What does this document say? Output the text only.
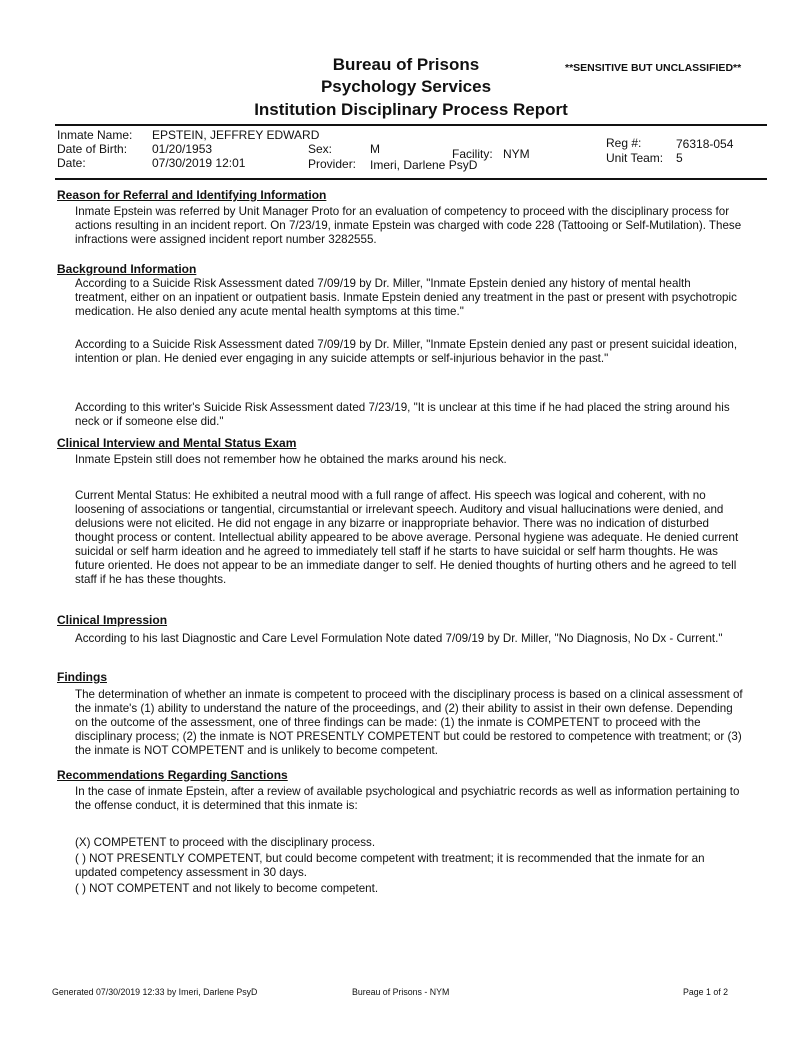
Bureau of Prisons
Psychology Services
Institution Disciplinary Process Report
**SENSITIVE BUT UNCLASSIFIED**
Inmate Name: EPSTEIN, JEFFREY EDWARD
Date of Birth: 01/20/1953
Date:	07/30/2019 12:01
Sex:	M	Facility: NYM
Provider: Imeri, Darlene PsyD
Reg #:	76318-054
Unit Team: 5
Reason for Referral and Identifying Information
Inmate Epstein was referred by Unit Manager Proto for an evaluation of competency to proceed with the disciplinary process for actions resulting in an incident report. On 7/23/19, inmate Epstein was charged with code 228 (Tattooing or Self-Mutilation). These infractions were assigned incident report number 3282555.
Background Information
According to a Suicide Risk Assessment dated 7/09/19 by Dr. Miller, "Inmate Epstein denied any history of mental health treatment, either on an inpatient or outpatient basis. Inmate Epstein denied any treatment in the past or present with psychotropic medication. He also denied any acute mental health symptoms at this time."
According to a Suicide Risk Assessment dated 7/09/19 by Dr. Miller, "Inmate Epstein denied any past or present suicidal ideation, intention or plan. He denied ever engaging in any suicide attempts or self-injurious behavior in the past."
According to this writer's Suicide Risk Assessment dated 7/23/19, "It is unclear at this time if he had placed the string around his neck or if someone else did."
Clinical Interview and Mental Status Exam
Inmate Epstein still does not remember how he obtained the marks around his neck.
Current Mental Status: He exhibited a neutral mood with a full range of affect. His speech was logical and coherent, with no loosening of associations or tangential, circumstantial or irrelevant speech. Auditory and visual hallucinations were denied, and delusions were not elicited. He did not engage in any bizarre or inappropriate behavior. There was no indication of disturbed thought process or content. Intellectual ability appeared to be above average. Personal hygiene was adequate. He denied current suicidal or self harm ideation and he agreed to immediately tell staff if he starts to have suicidal or self harm thoughts. He was future oriented. He does not appear to be an immediate danger to self. He denied thoughts of hurting others and he agreed to tell staff if he has these thoughts.
Clinical Impression
According to his last Diagnostic and Care Level Formulation Note dated 7/09/19 by Dr. Miller, "No Diagnosis, No Dx - Current."
Findings
The determination of whether an inmate is competent to proceed with the disciplinary process is based on a clinical assessment of the inmate's (1) ability to understand the nature of the proceedings, and (2) their ability to assist in their own defense. Depending on the outcome of the assessment, one of three findings can be made: (1) the inmate is COMPETENT to proceed with the disciplinary process; (2) the inmate is NOT PRESENTLY COMPETENT but could be restored to competence with treatment; or (3) the inmate is NOT COMPETENT and is unlikely to become competent.
Recommendations Regarding Sanctions
In the case of inmate Epstein, after a review of available psychological and psychiatric records as well as information pertaining to the offense conduct, it is determined that this inmate is:
(X) COMPETENT to proceed with the disciplinary process.
( ) NOT PRESENTLY COMPETENT, but could become competent with treatment; it is recommended that the inmate for an updated competency assessment in 30 days.
( ) NOT COMPETENT and not likely to become competent.
Generated 07/30/2019 12:33 by Imeri, Darlene PsyD	Bureau of Prisons - NYM	Page 1 of 2
